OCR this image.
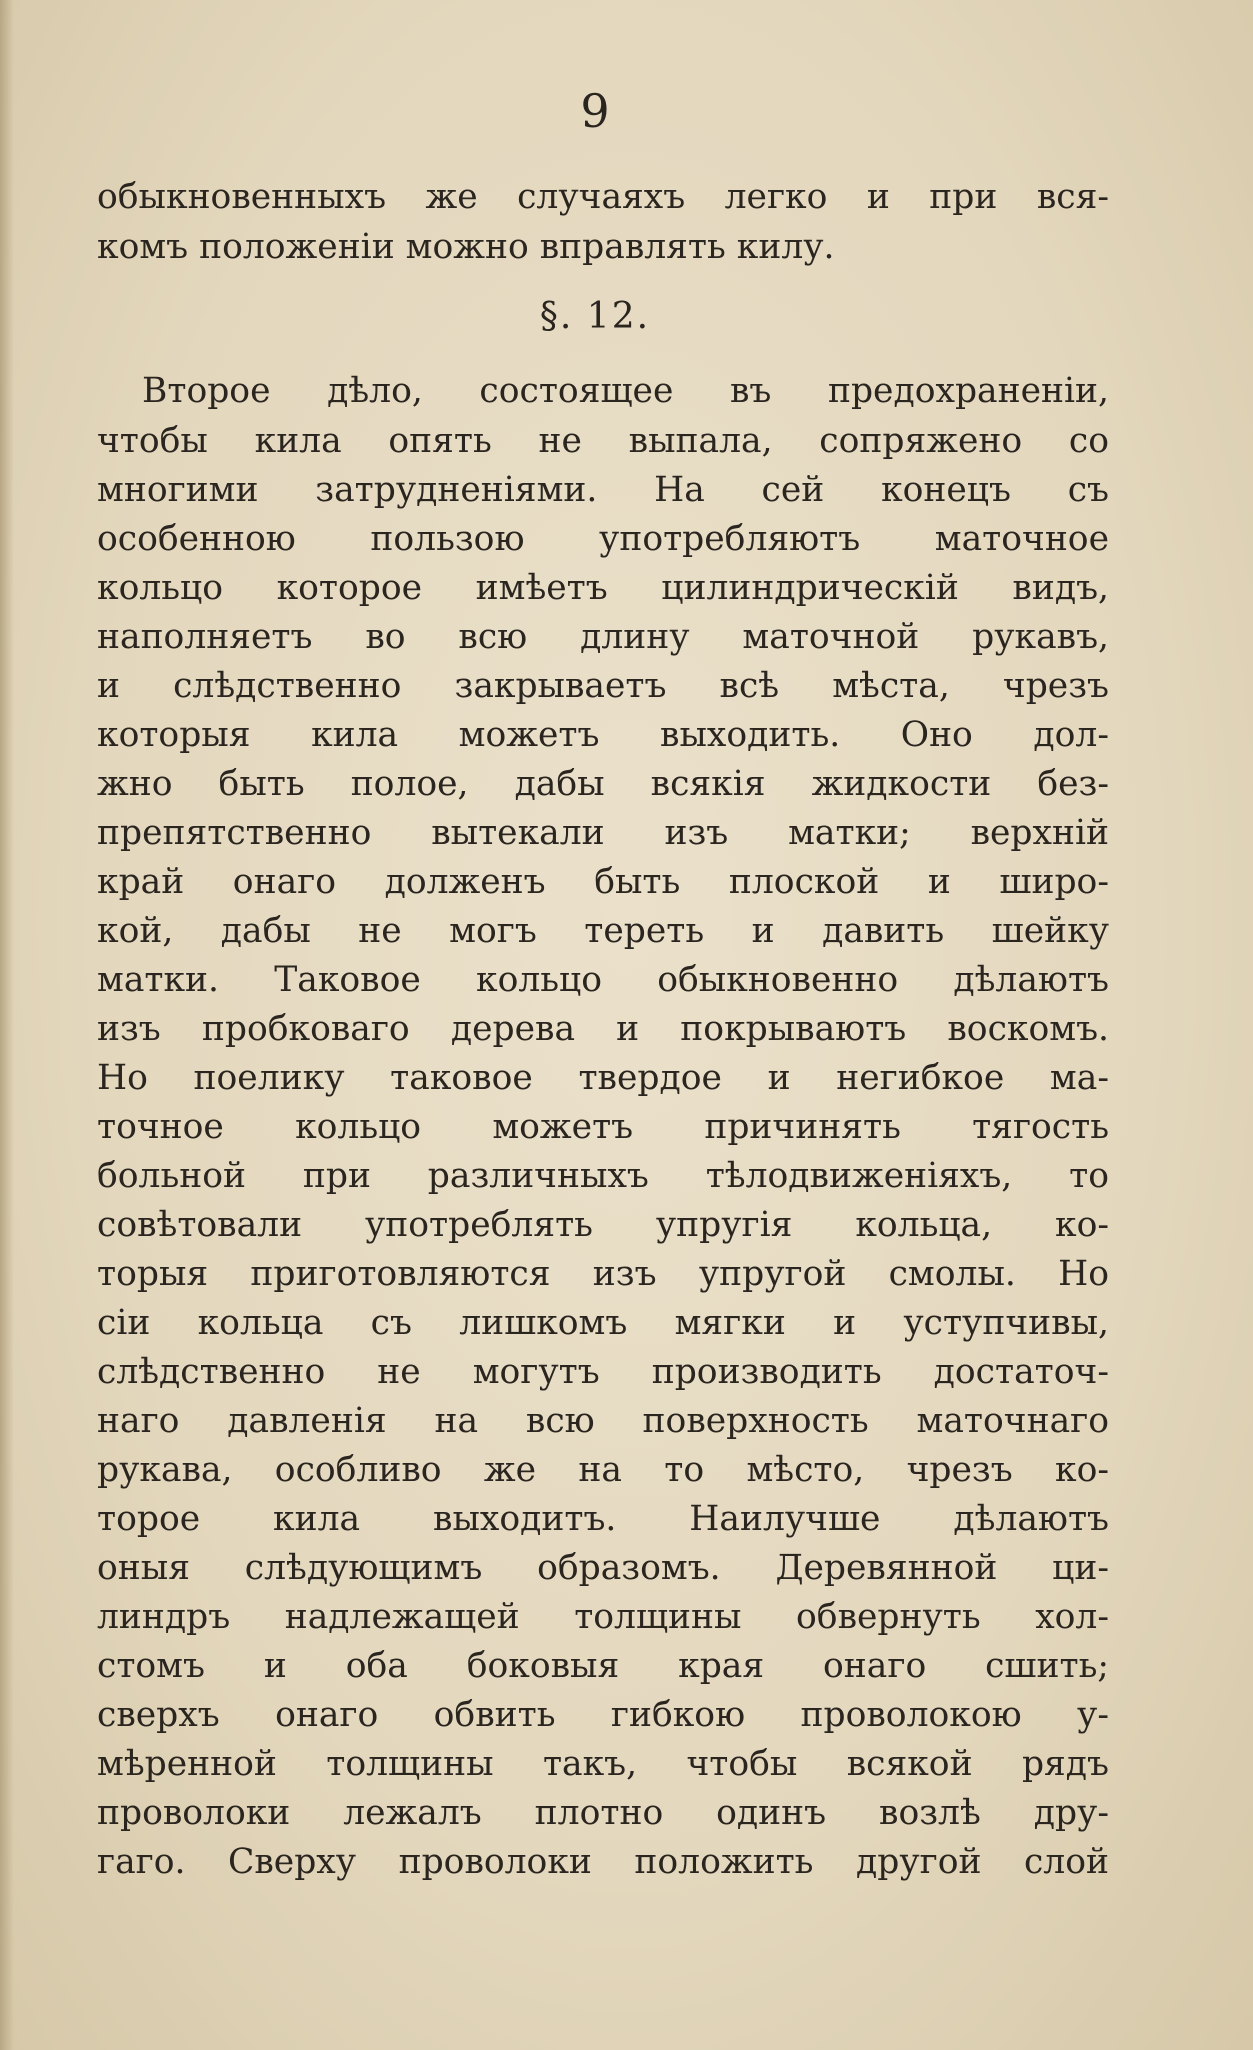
9
обыкновенныхъ же случаяхъ легко и при вся-
комъ положенiи можно вправлять килу.
§. 12.
Второе дѣло, состоящее въ предохраненiи,
чтобы кила опять не выпала, сопряжено со
многими затрудненiями. На сей конецъ съ
особенною пользою употребляютъ маточное
кольцо которое имѣетъ цилиндрическiй видъ,
наполняетъ во всю длину маточной рукавъ,
и слѣдственно закрываетъ всѣ мѣста, чрезъ
которыя кила можетъ выходить. Оно дол-
жно быть полое, дабы всякiя жидкости без-
препятственно вытекали изъ матки; верхнiй
край онаго долженъ быть плоской и широ-
кой, дабы не могъ тереть и давить шейку
матки. Таковое кольцо обыкновенно дѣлаютъ
изъ пробковаго дерева и покрываютъ воскомъ.
Но поелику таковое твердое и негибкое ма-
точное кольцо можетъ причинять тягость
больной при различныхъ тѣлодвиженiяхъ, то
совѣтовали употреблять упругiя кольца, ко-
торыя приготовляются изъ упругой смолы. Но
сiи кольца съ лишкомъ мягки и уступчивы,
слѣдственно не могутъ производить достаточ-
наго давленiя на всю поверхность маточнаго
рукава, особливо же на то мѣсто, чрезъ ко-
торое кила выходитъ. Наилучше дѣлаютъ
оныя слѣдующимъ образомъ. Деревянной ци-
линдръ надлежащей толщины обвернуть хол-
стомъ и оба боковыя края онаго сшить;
сверхъ онаго обвить гибкою проволокою у-
мѣренной толщины такъ, чтобы всякой рядъ
проволоки лежалъ плотно одинъ возлѣ дру-
гаго. Сверху проволоки положить другой слой
